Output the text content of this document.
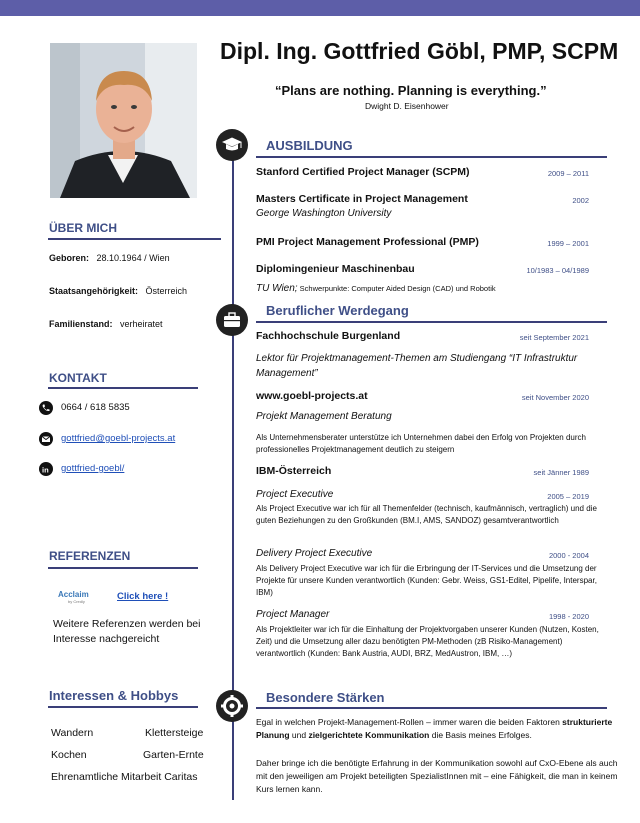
ÜBER MICH
Geboren: 28.10.1964 / Wien
Staatsangehörigkeit: Österreich
Familienstand: verheiratet
KONTAKT
0664 / 618 5835
gottfried@goebl-projects.at
in gottfried-goebl/
REFERENZEN
Acclaim
by Credly	Click here !
Weitere Referenzen werden bei Interesse nachgereicht
Interessen & Hobbys
Wandern	Klettersteige
Kochen	Garten-Ernte
Ehrenamtliche Mitarbeit Caritas
Dipl. Ing. Gottfried Göbl, PMP, SCPM
“Plans are nothing. Planning is everything.”
Dwight D. Eisenhower
AUSBILDUNG
Stanford Certified Project Manager (SCPM)	2009 – 2011
Masters Certificate in Project Management	2002
George Washington University
PMI Project Management Professional (PMP)	1999 – 2001
Diplomingenieur Maschinenbau	10/1983 – 04/1989
TU Wien; Schwerpunkte: Computer Aided Design (CAD) und Robotik
Beruflicher Werdegang
Fachhochschule Burgenland	seit September 2021
Lektor für Projektmanagement-Themen am Studiengang “IT Infrastruktur Management”
www.goebl-projects.at	seit November 2020
Projekt Management Beratung
Als Unternehmensberater unterstütze ich Unternehmen dabei den Erfolg von Projekten durch professionelles Projektmanagement deutlich zu steigern
IBM-Österreich	seit Jänner 1989
Project Executive	2005 – 2019
Als Project Executive war ich für all Themenfelder (technisch, kaufmännisch, vertraglich) und die guten Beziehungen zu den Großkunden (BM.I, AMS, SANDOZ) gesamtverantwortlich
Delivery Project Executive	2000 - 2004
Als Delivery Project Executive war ich für die Erbringung der IT-Services und die Umsetzung der Projekte für unsere Kunden verantwortlich (Kunden: Gebr. Weiss, GS1-Editel, Pipelife, Interspar, IBM)
Project Manager	1998 - 2020
Als Projektleiter war ich für die Einhaltung der Projektvorgaben unserer Kunden (Nutzen, Kosten, Zeit) und die Umsetzung aller dazu benötigten PM-Methoden (zB Risiko-Management) verantwortlich (Kunden: Bank Austria, AUDI, BRZ, MedAustron, IBM, …)
Besondere Stärken
Egal in welchen Projekt-Management-Rollen – immer waren die beiden Faktoren strukturierte Planung und zielgerichtete Kommunikation die Basis meines Erfolges.
Daher bringe ich die benötigte Erfahrung in der Kommunikation sowohl auf CxO-Ebene als auch mit den jeweiligen am Projekt beteiligten SpezialistInnen mit – eine Fähigkeit, die man in keinem Kurs lernen kann.
